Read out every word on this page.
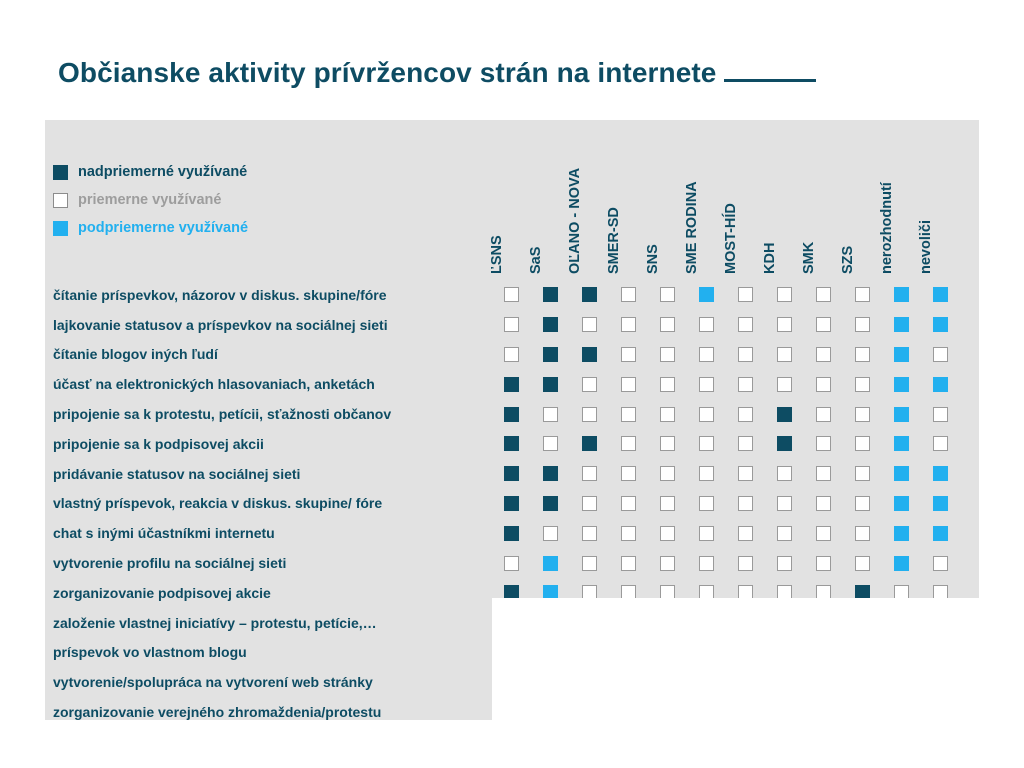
Občianske aktivity prívržencov strán na internete
nadpriemerné využívané
priemerne využívané
podpriemerne využívané
ĽSNS SaS OĽANO - NOVA SMER-SD SNS SME RODINA MOST-HÍD KDH SMK SZS nerozhodnutí nevoliči
čítanie príspevkov, názorov v diskus. skupine/fóre
lajkovanie statusov a príspevkov na sociálnej sieti
čítanie blogov iných ľudí
účasť na elektronických hlasovaniach, anketách
pripojenie sa k protestu, petícii, sťažnosti občanov
pripojenie sa k podpisovej akcii
pridávanie statusov na sociálnej sieti
vlastný príspevok, reakcia v diskus. skupine/ fóre
chat s inými účastníkmi internetu
vytvorenie profilu na sociálnej sieti
zorganizovanie podpisovej akcie
založenie vlastnej iniciatívy – protestu, petície,…
príspevok vo vlastnom blogu
vytvorenie/spolupráca na vytvorení web stránky
zorganizovanie verejného zhromaždenia/protestu
